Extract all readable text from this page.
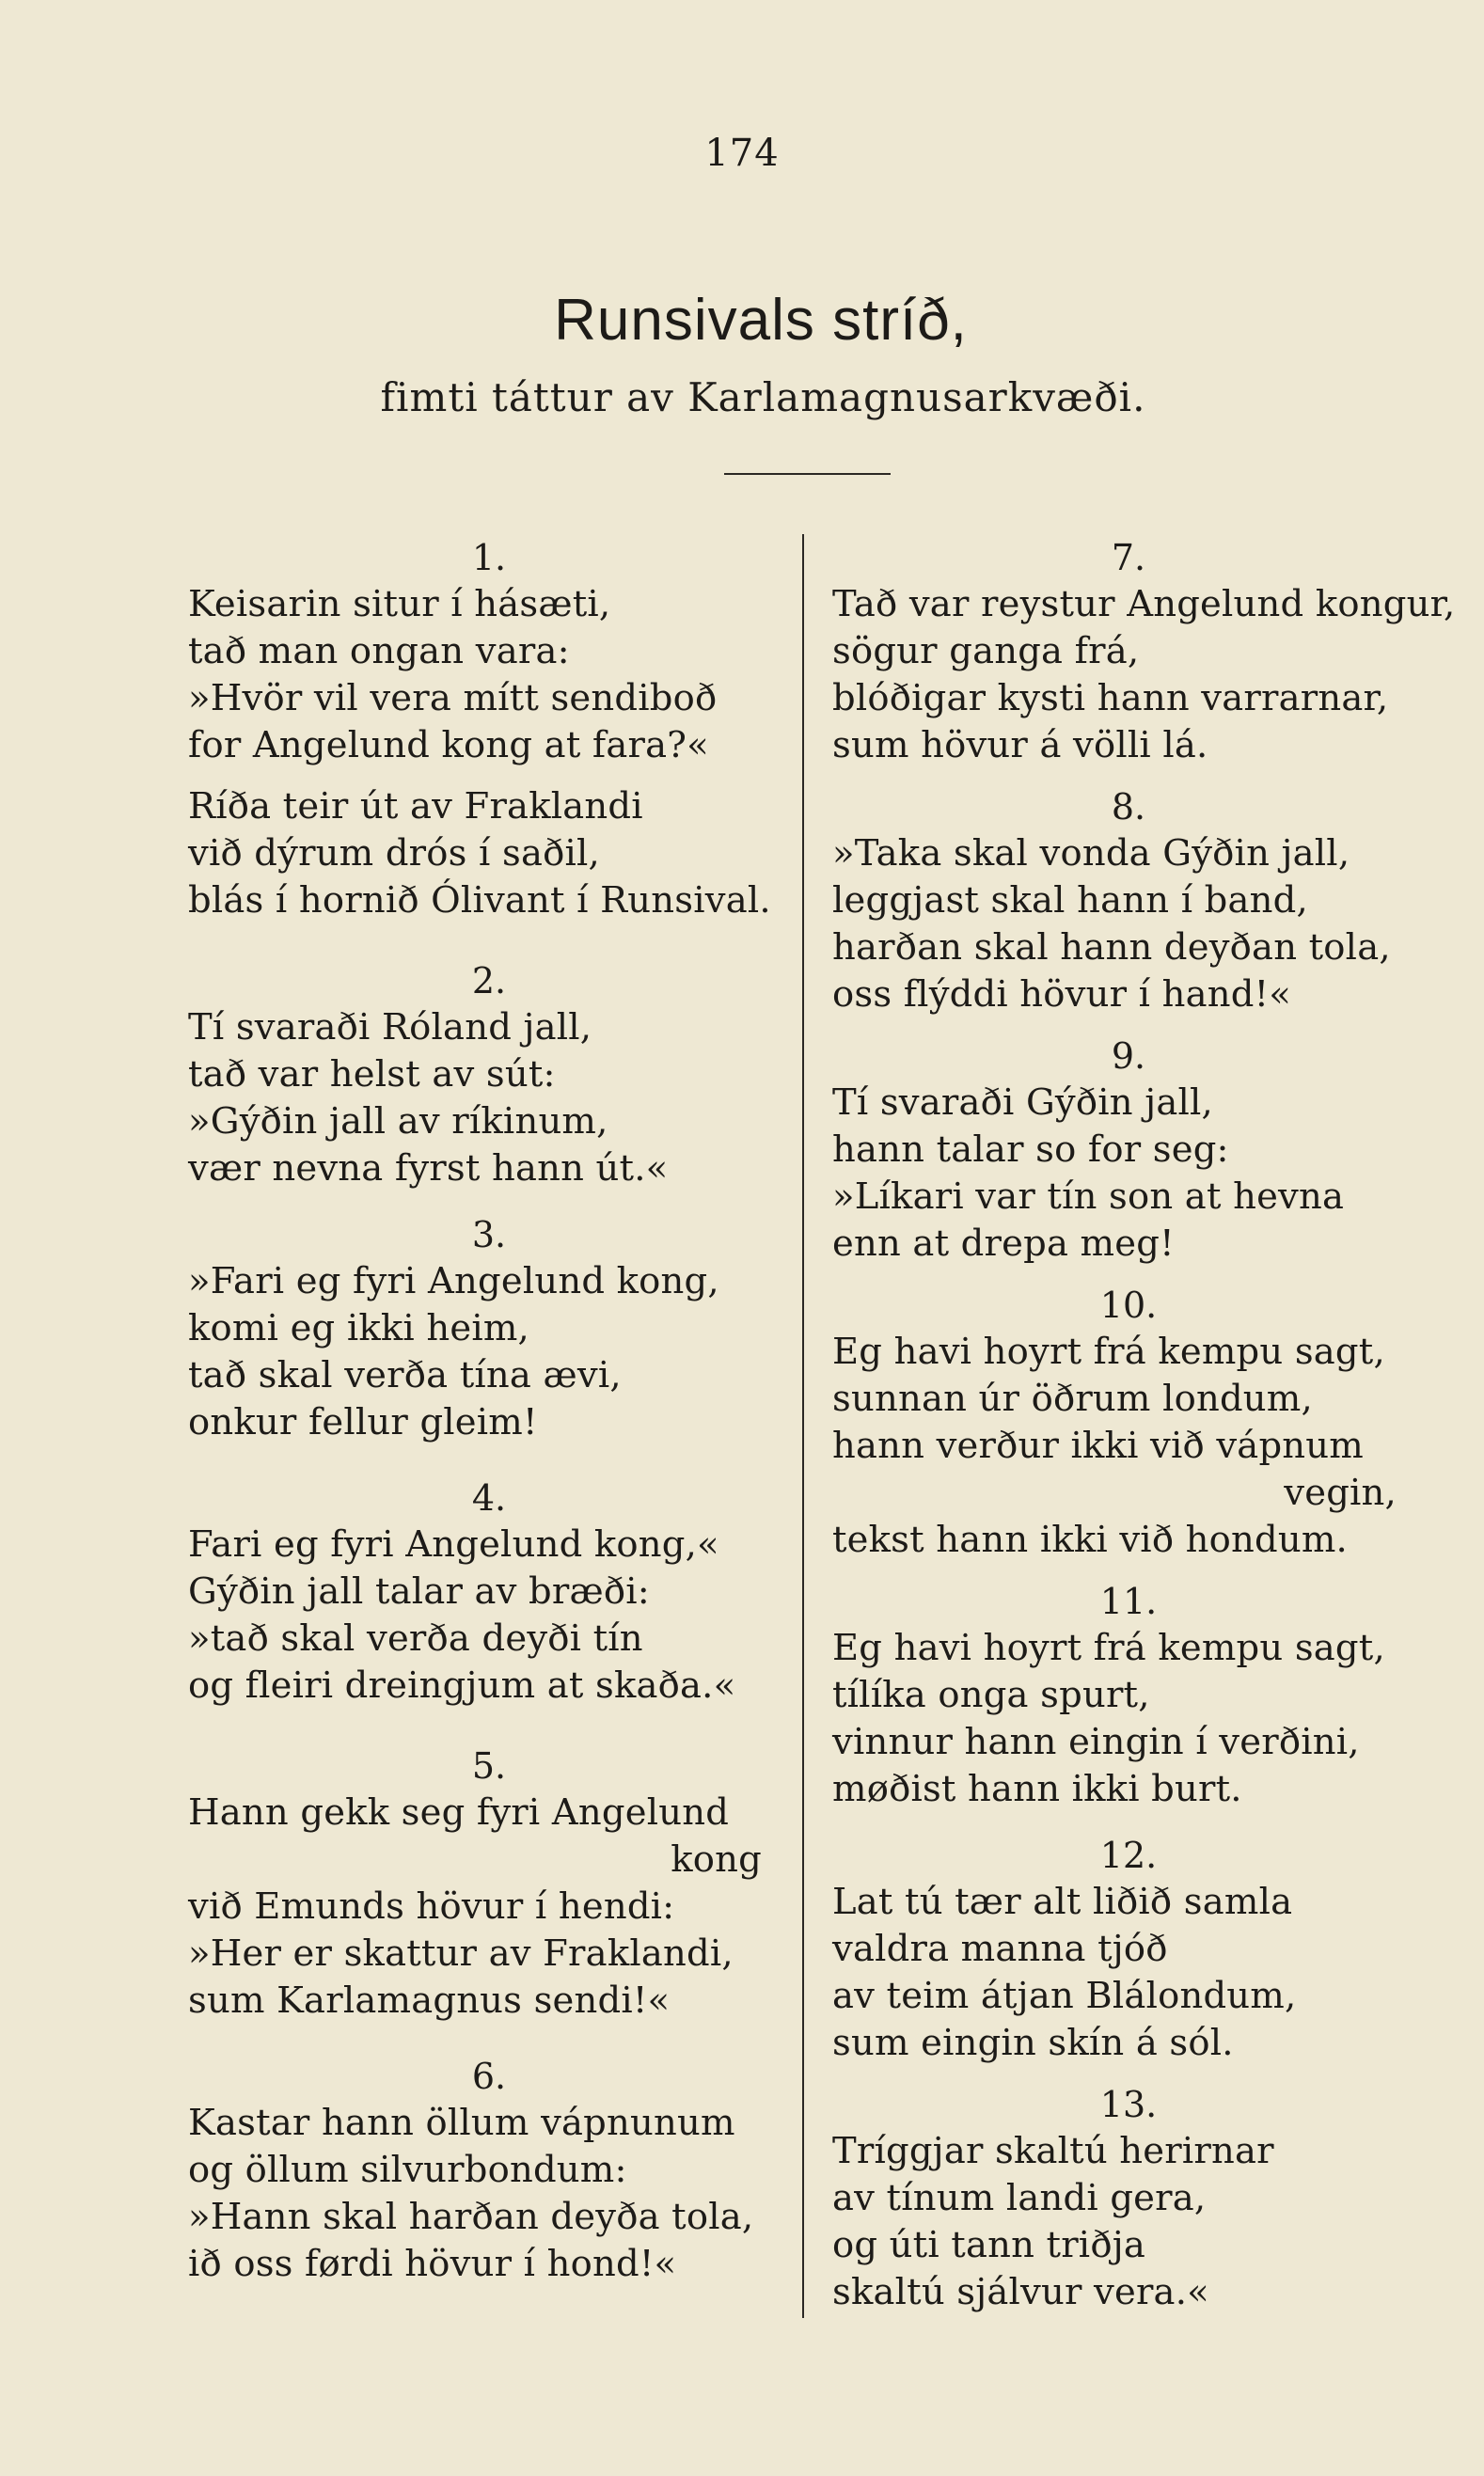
174
Runsivals stríð,
fimti táttur av Karlamagnusarkvæði.
1.
Keisarin situr í hásæti,
tað man ongan vara:
»Hvör vil vera mítt sendiboð
for Angelund kong at fara?«
Ríða teir út av Fraklandi
við dýrum drós í saðil,
blás í hornið Ólivant í Runsival.
2.
Tí svaraði Róland jall,
tað var helst av sút:
»Gýðin jall av ríkinum,
vær nevna fyrst hann út.«
3.
»Fari eg fyri Angelund kong,
komi eg ikki heim,
tað skal verða tína ævi,
onkur fellur gleim!
4.
Fari eg fyri Angelund kong,«
Gýðin jall talar av bræði:
»tað skal verða deyði tín
og fleiri dreingjum at skaða.«
5.
Hann gekk seg fyri Angelund
kong
við Emunds hövur í hendi:
»Her er skattur av Fraklandi,
sum Karlamagnus sendi!«
6.
Kastar hann öllum vápnunum
og öllum silvurbondum:
»Hann skal harðan deyða tola,
ið oss førdi hövur í hond!«
7.
Tað var reystur Angelund kongur,
sögur ganga frá,
blóðigar kysti hann varrarnar,
sum hövur á völli lá.
8.
»Taka skal vonda Gýðin jall,
leggjast skal hann í band,
harðan skal hann deyðan tola,
oss flýddi hövur í hand!«
9.
Tí svaraði Gýðin jall,
hann talar so for seg:
»Líkari var tín son at hevna
enn at drepa meg!
10.
Eg havi hoyrt frá kempu sagt,
sunnan úr öðrum londum,
hann verður ikki við vápnum
vegin,
tekst hann ikki við hondum.
11.
Eg havi hoyrt frá kempu sagt,
tílíka onga spurt,
vinnur hann eingin í verðini,
møðist hann ikki burt.
12.
Lat tú tær alt liðið samla
valdra manna tjóð
av teim átjan Blálondum,
sum eingin skín á sól.
13.
Tríggjar skaltú herirnar
av tínum landi gera,
og úti tann triðja
skaltú sjálvur vera.«
